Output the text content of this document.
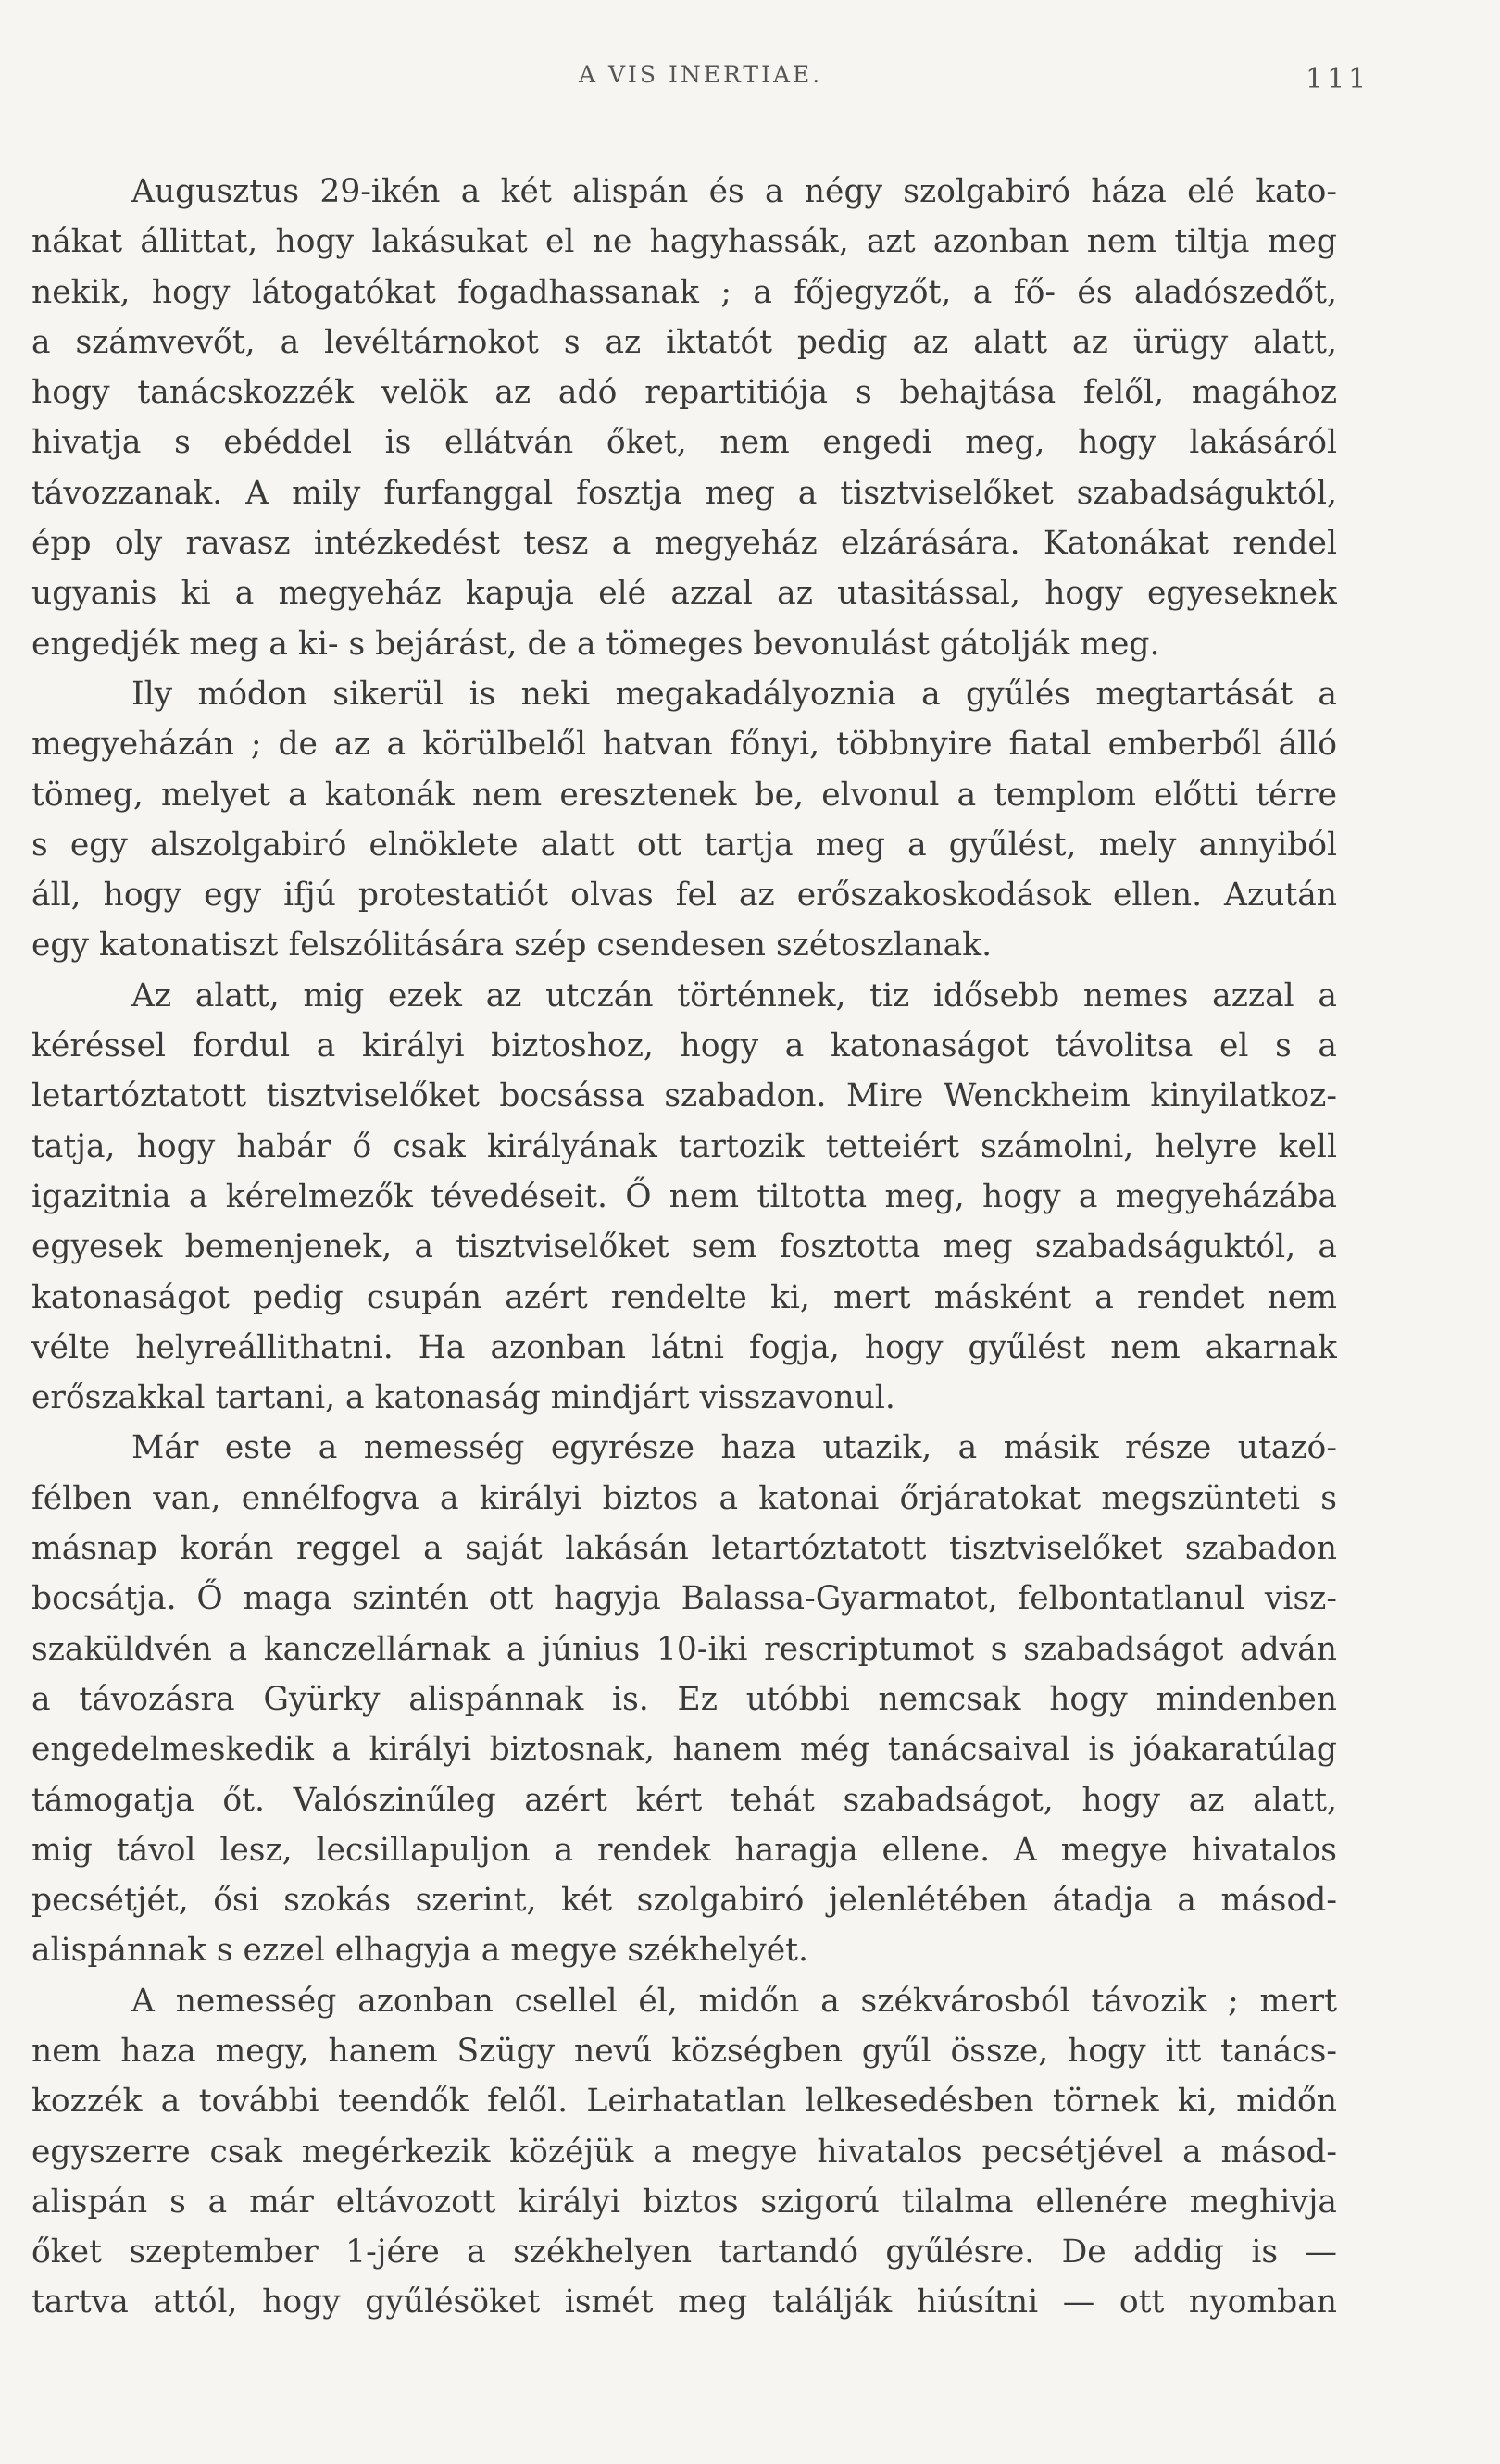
A VIS INERTIAE.	111
Augusztus 29-ikén a két alispán és a négy szolgabiró háza elé kato-
nákat állittat, hogy lakásukat el ne hagyhassák, azt azonban nem tiltja meg
nekik, hogy látogatókat fogadhassanak ; a főjegyzőt, a fő- és aladószedőt,
a számvevőt, a levéltárnokot s az iktatót pedig az alatt az ürügy alatt,
hogy tanácskozzék velök az adó repartitiója s behajtása felől, magához
hivatja s ebéddel is ellátván őket, nem engedi meg, hogy lakásáról
távozzanak. A mily furfanggal fosztja meg a tisztviselőket szabadságuktól,
épp oly ravasz intézkedést tesz a megyeház elzárására. Katonákat rendel
ugyanis ki a megyeház kapuja elé azzal az utasitással, hogy egyeseknek
engedjék meg a ki- s bejárást, de a tömeges bevonulást gátolják meg.
Ily módon sikerül is neki megakadályoznia a gyűlés megtartását a
megyeházán ; de az a körülbelől hatvan főnyi, többnyire fiatal emberből álló
tömeg, melyet a katonák nem eresztenek be, elvonul a templom előtti térre
s egy alszolgabiró elnöklete alatt ott tartja meg a gyűlést, mely annyiból
áll, hogy egy ifjú protestatiót olvas fel az erőszakoskodások ellen. Azután
egy katonatiszt felszólitására szép csendesen szétoszlanak.
Az alatt, mig ezek az utczán történnek, tiz idősebb nemes azzal a
kéréssel fordul a királyi biztoshoz, hogy a katonaságot távolitsa el s a
letartóztatott tisztviselőket bocsássa szabadon. Mire Wenckheim kinyilatkoz-
tatja, hogy habár ő csak királyának tartozik tetteiért számolni, helyre kell
igazitnia a kérelmezők tévedéseit. Ő nem tiltotta meg, hogy a megyeházába
egyesek bemenjenek, a tisztviselőket sem fosztotta meg szabadságuktól, a
katonaságot pedig csupán azért rendelte ki, mert másként a rendet nem
vélte helyreállithatni. Ha azonban látni fogja, hogy gyűlést nem akarnak
erőszakkal tartani, a katonaság mindjárt visszavonul.
Már este a nemesség egyrésze haza utazik, a másik része utazó-
félben van, ennélfogva a királyi biztos a katonai őrjáratokat megszünteti s
másnap korán reggel a saját lakásán letartóztatott tisztviselőket szabadon
bocsátja. Ő maga szintén ott hagyja Balassa-Gyarmatot, felbontatlanul visz-
szaküldvén a kanczellárnak a június 10-iki rescriptumot s szabadságot adván
a távozásra Gyürky alispánnak is. Ez utóbbi nemcsak hogy mindenben
engedelmeskedik a királyi biztosnak, hanem még tanácsaival is jóakaratúlag
támogatja őt. Valószinűleg azért kért tehát szabadságot, hogy az alatt,
mig távol lesz, lecsillapuljon a rendek haragja ellene. A megye hivatalos
pecsétjét, ősi szokás szerint, két szolgabiró jelenlétében átadja a másod-
alispánnak s ezzel elhagyja a megye székhelyét.
A nemesség azonban csellel él, midőn a székvárosból távozik ; mert
nem haza megy, hanem Szügy nevű községben gyűl össze, hogy itt tanács-
kozzék a további teendők felől. Leirhatatlan lelkesedésben törnek ki, midőn
egyszerre csak megérkezik közéjük a megye hivatalos pecsétjével a másod-
alispán s a már eltávozott királyi biztos szigorú tilalma ellenére meghivja
őket szeptember 1-jére a székhelyen tartandó gyűlésre. De addig is —
tartva attól, hogy gyűlésöket ismét meg találják hiúsítni — ott nyomban
